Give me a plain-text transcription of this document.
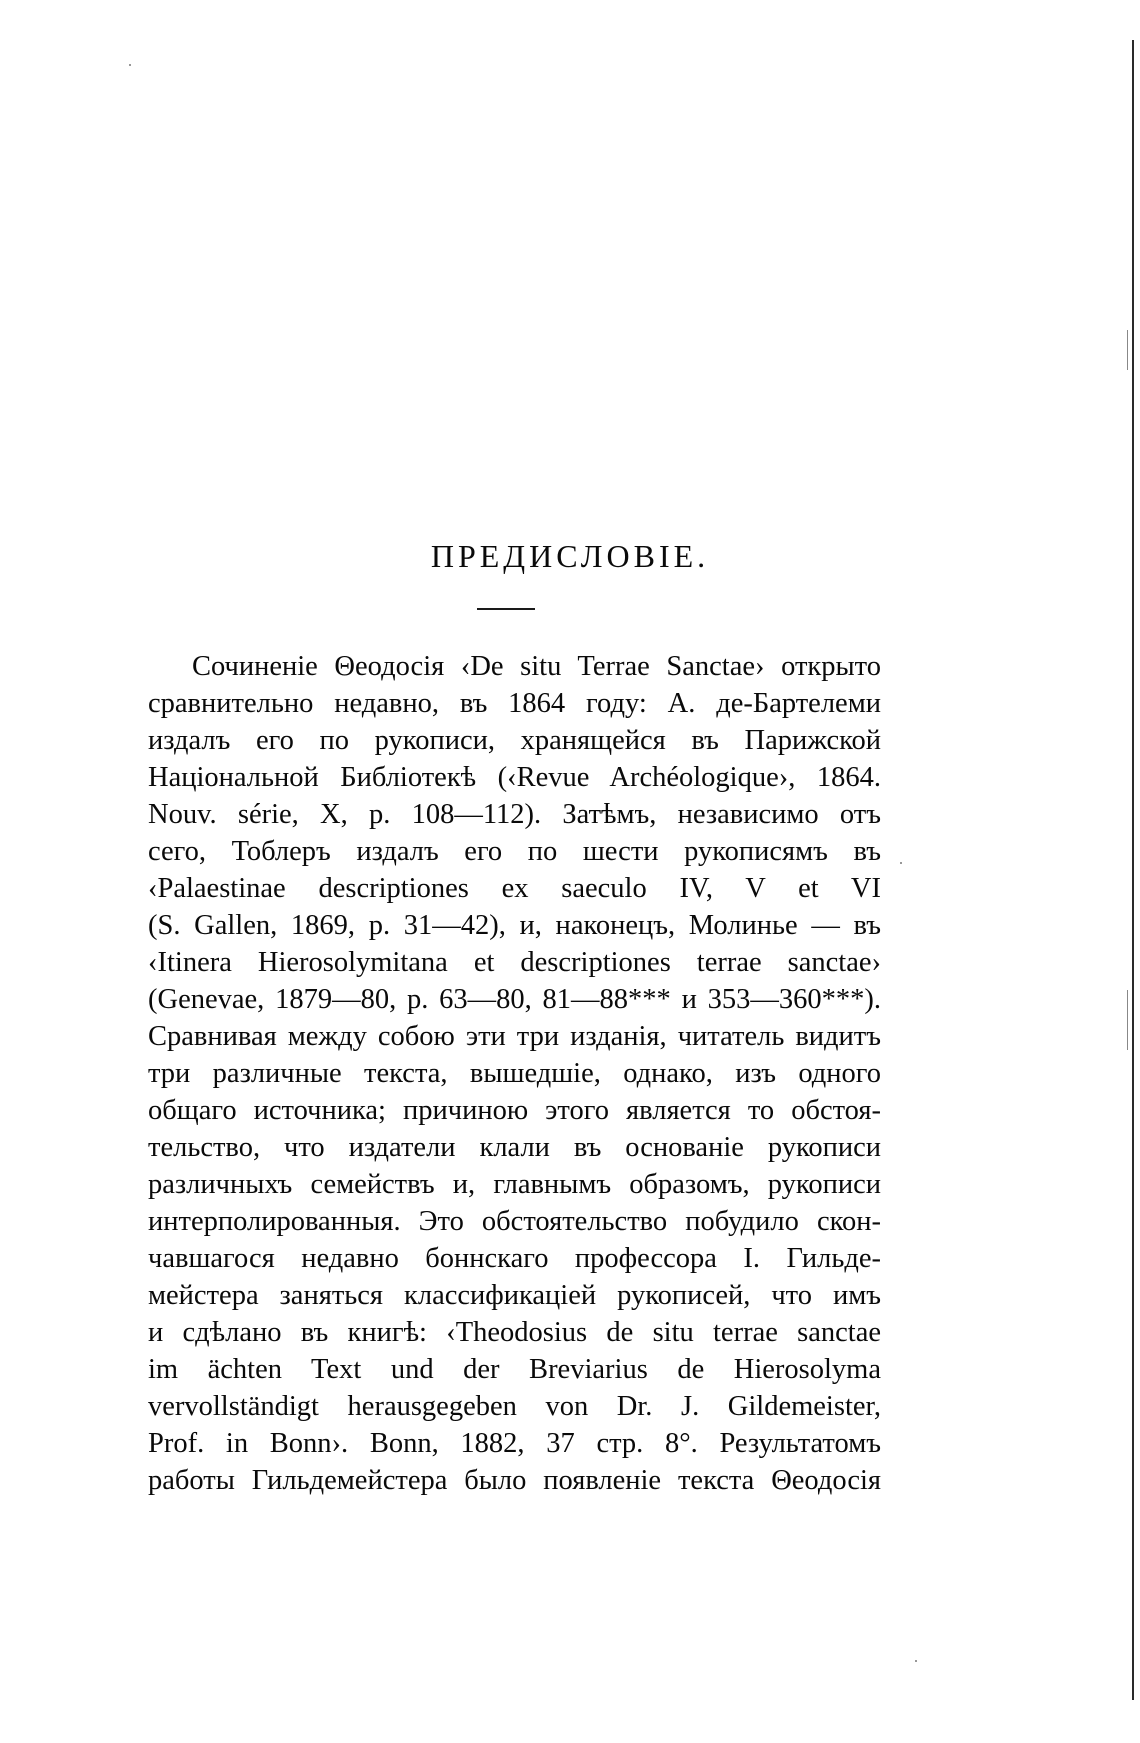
ПРЕДИСЛОВІЕ.
Сочиненіе Θеодосія ‹De situ Terrae Sanctae› открыто
сравнительно недавно, въ 1864 году: А. де-Бартелеми
издалъ его по рукописи, хранящейся въ Парижской
Національной Библіотекѣ (‹Revue Archéologique›, 1864.
Nouv. série, X, p. 108—112). Затѣмъ, независимо отъ
сего, Тоблеръ издалъ его по шести рукописямъ въ
‹Palaestinae descriptiones ex saeculo IV, V et VI
(S. Gallen, 1869, p. 31—42), и, наконецъ, Молинье — въ
‹Itinera Hierosolymitana et descriptiones terrae sanctae›
(Genevae, 1879—80, p. 63—80, 81—88*** и 353—360***).
Сравнивая между собою эти три изданія, читатель видитъ
три различные текста, вышедшіе, однако, изъ одного
общаго источника; причиною этого является то обстоя-
тельство, что издатели клали въ основаніе рукописи
различныхъ семействъ и, главнымъ образомъ, рукописи
интерполированныя. Это обстоятельство побудило скон-
чавшагося недавно боннскаго профессора I. Гильде-
мейстера заняться классификаціей рукописей, что имъ
и сдѣлано въ книгѣ: ‹Theodosius de situ terrae sanctae
im ächten Text und der Breviarius de Hierosolyma
vervollständigt herausgegeben von Dr. J. Gildemeister,
Prof. in Bonn›. Bonn, 1882, 37 стр. 8°. Результатомъ
работы Гильдемейстера было появленіе текста Θеодосія
